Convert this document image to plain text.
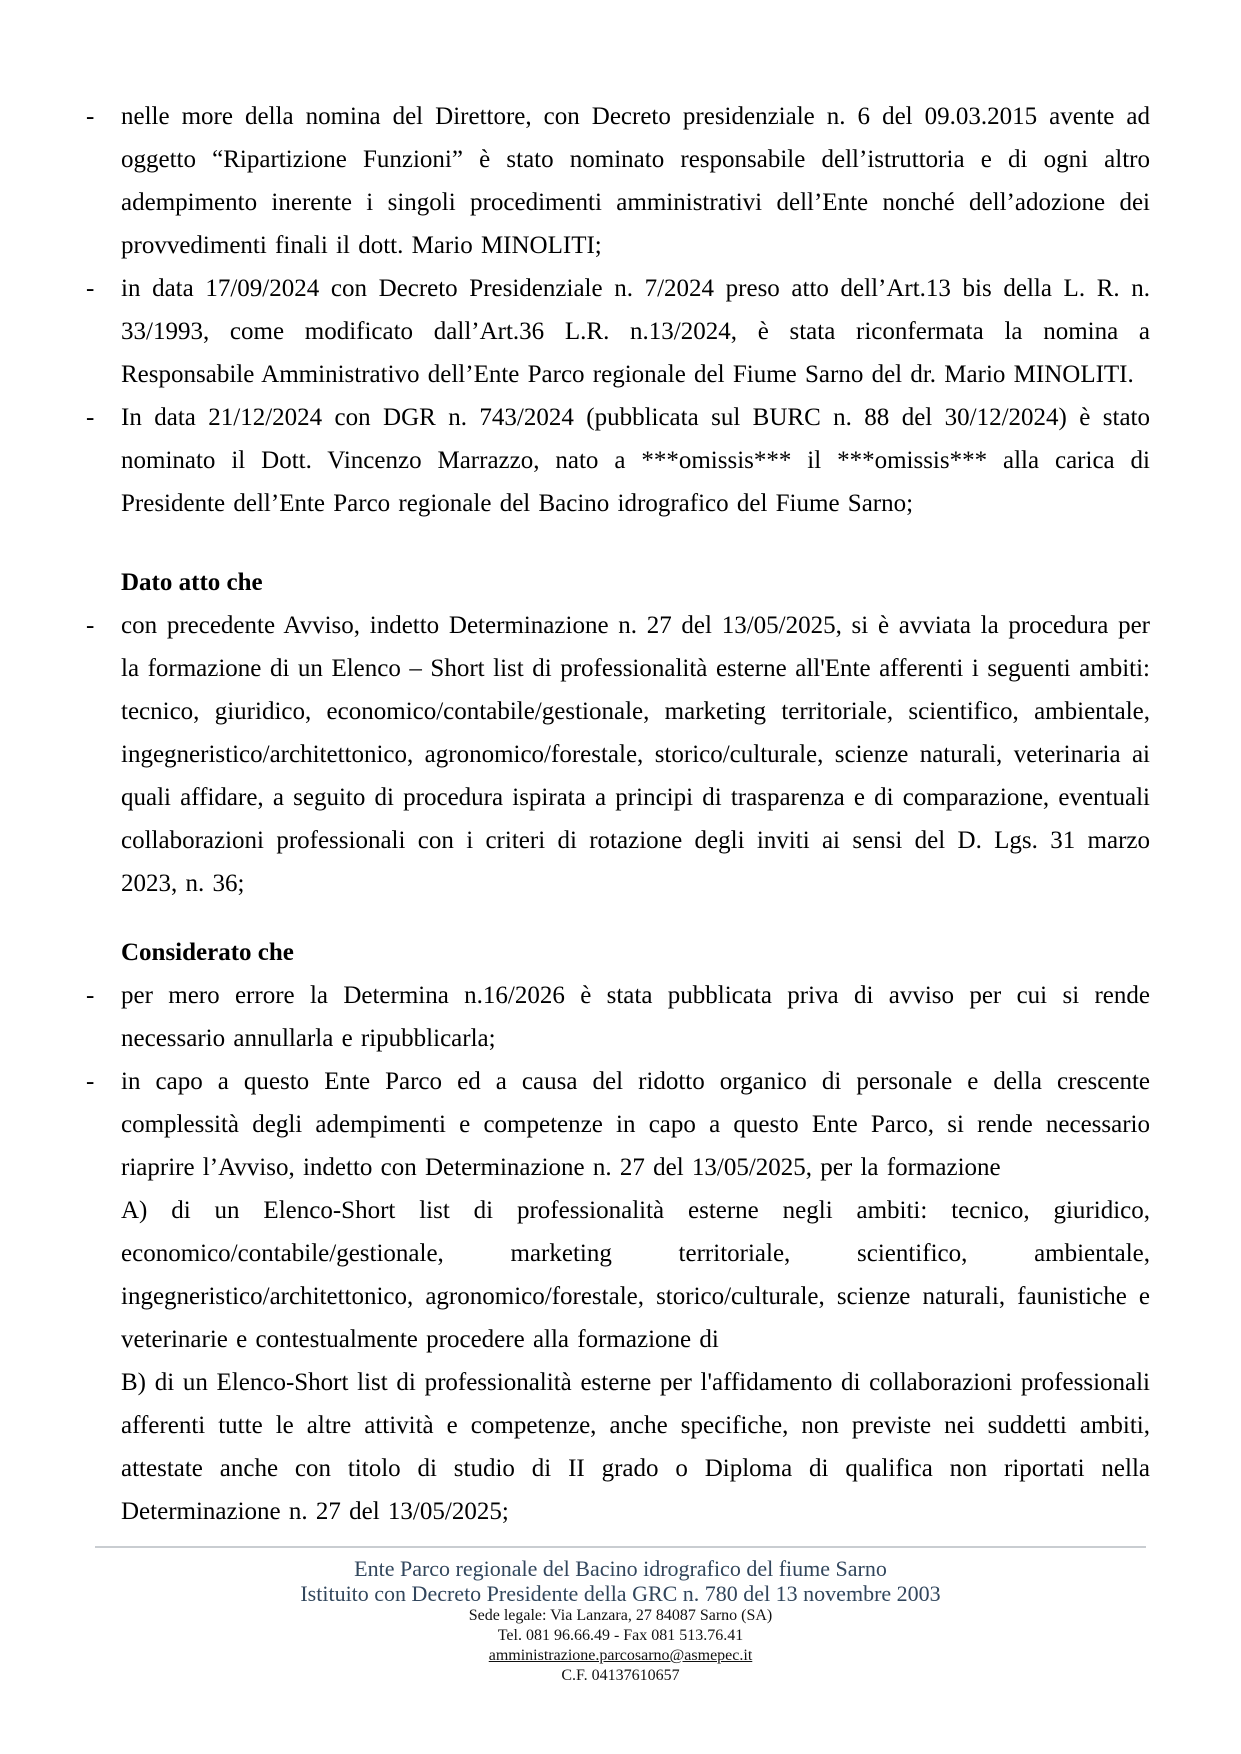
- nelle more della nomina del Direttore, con Decreto presidenziale n. 6 del 09.03.2015 avente ad oggetto “Ripartizione Funzioni” è stato nominato responsabile dell’istruttoria e di ogni altro adempimento inerente i singoli procedimenti amministrativi dell’Ente nonché dell’adozione dei provvedimenti finali il dott. Mario MINOLITI;
- in data 17/09/2024 con Decreto Presidenziale n. 7/2024 preso atto dell’Art.13 bis della L. R. n. 33/1993, come modificato dall’Art.36 L.R. n.13/2024, è stata riconfermata la nomina a Responsabile Amministrativo dell’Ente Parco regionale del Fiume Sarno del dr. Mario MINOLITI.
- In data 21/12/2024 con DGR n. 743/2024 (pubblicata sul BURC n. 88 del 30/12/2024) è stato nominato il Dott. Vincenzo Marrazzo, nato a ***omissis*** il ***omissis*** alla carica di Presidente dell’Ente Parco regionale del Bacino idrografico del Fiume Sarno;
Dato atto che
- con precedente Avviso, indetto Determinazione n. 27 del 13/05/2025, si è avviata la procedura per la formazione di un Elenco – Short list di professionalità esterne all'Ente afferenti i seguenti ambiti: tecnico, giuridico, economico/contabile/gestionale, marketing territoriale, scientifico, ambientale, ingegneristico/architettonico, agronomico/forestale, storico/culturale, scienze naturali, veterinaria ai quali affidare, a seguito di procedura ispirata a principi di trasparenza e di comparazione, eventuali collaborazioni professionali con i criteri di rotazione degli inviti ai sensi del D. Lgs. 31 marzo 2023, n. 36;
Considerato che
- per mero errore la Determina n.16/2026 è stata pubblicata priva di avviso per cui si rende necessario annullarla e ripubblicarla;
- in capo a questo Ente Parco ed a causa del ridotto organico di personale e della crescente complessità degli adempimenti e competenze in capo a questo Ente Parco, si rende necessario riaprire l’Avviso, indetto con Determinazione n. 27 del 13/05/2025, per la formazione
A) di un Elenco-Short list di professionalità esterne negli ambiti: tecnico, giuridico, economico/contabile/gestionale, marketing territoriale, scientifico, ambientale, ingegneristico/architettonico, agronomico/forestale, storico/culturale, scienze naturali, faunistiche e veterinarie e contestualmente procedere alla formazione di
B) di un Elenco-Short list di professionalità esterne per l'affidamento di collaborazioni professionali afferenti tutte le altre attività e competenze, anche specifiche, non previste nei suddetti ambiti, attestate anche con titolo di studio di II grado o Diploma di qualifica non riportati nella Determinazione n. 27 del 13/05/2025;
Ente Parco regionale del Bacino idrografico del fiume Sarno
Istituito con Decreto Presidente della GRC n. 780 del 13 novembre 2003
Sede legale: Via Lanzara, 27 84087 Sarno (SA)
Tel. 081 96.66.49 - Fax 081 513.76.41
amministrazione.parcosarno@asmepec.it
C.F. 04137610657
